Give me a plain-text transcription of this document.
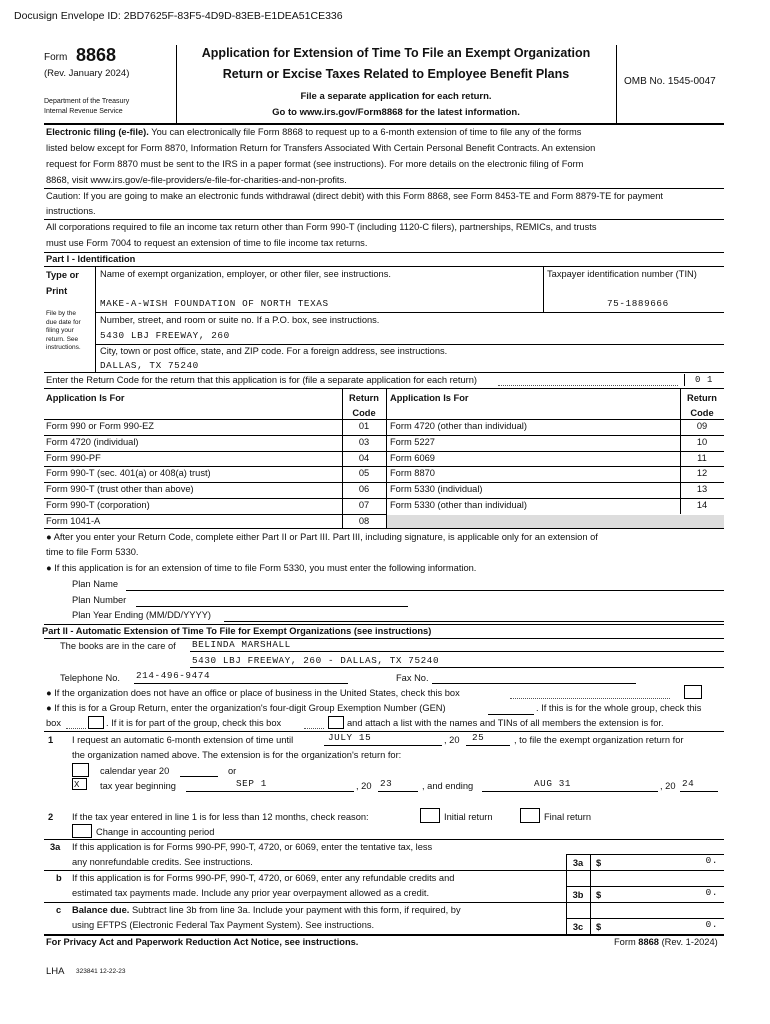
Docusign Envelope ID: 2BD7625F-83F5-4D9D-83EB-E1DEA51CE336
Form 8868
(Rev. January 2024)
Department of the Treasury
Internal Revenue Service
Application for Extension of Time To File an Exempt Organization
Return or Excise Taxes Related to Employee Benefit Plans
File a separate application for each return.
Go to www.irs.gov/Form8868 for the latest information.
OMB No. 1545-0047
Electronic filing (e-file). You can electronically file Form 8868 to request up to a 6-month extension of time to file any of the forms
listed below except for Form 8870, Information Return for Transfers Associated With Certain Personal Benefit Contracts. An extension
request for Form 8870 must be sent to the IRS in a paper format (see instructions). For more details on the electronic filing of Form
8868, visit www.irs.gov/e-file-providers/e-file-for-charities-and-non-profits.
Caution: If you are going to make an electronic funds withdrawal (direct debit) with this Form 8868, see Form 8453-TE and Form 8879-TE for payment
instructions.
All corporations required to file an income tax return other than Form 990-T (including 1120-C filers), partnerships, REMICs, and trusts
must use Form 7004 to request an extension of time to file income tax returns.
Part I - Identification
Type or
Print
File by the
due date for
filing your
return. See
instructions.
Name of exempt organization, employer, or other filer, see instructions.
MAKE-A-WISH FOUNDATION OF NORTH TEXAS
Taxpayer identification number (TIN)
75-1889666
Number, street, and room or suite no. If a P.O. box, see instructions.
5430 LBJ FREEWAY, 260
City, town or post office, state, and ZIP code. For a foreign address, see instructions.
DALLAS, TX 75240
Enter the Return Code for the return that this application is for (file a separate application for each return)	0 1
Application Is For	Return
Code
Application Is For	Return
Code
Form 990 or Form 990-EZ	01
Form 4720 (individual)	03
Form 990-PF	04
Form 990-T (sec. 401(a) or 408(a) trust)	05
Form 990-T (trust other than above)	06
Form 990-T (corporation)	07
Form 1041-A	08
Form 4720 (other than individual)	09
Form 5227	10
Form 6069	11
Form 8870	12
Form 5330 (individual)	13
Form 5330 (other than individual)	14
● After you enter your Return Code, complete either Part II or Part III. Part III, including signature, is applicable only for an extension of
time to file Form 5330.
● If this application is for an extension of time to file Form 5330, you must enter the following information.
Plan Name
Plan Number
Plan Year Ending (MM/DD/YYYY)
Part II - Automatic Extension of Time To File for Exempt Organizations (see instructions)
The books are in the care of BELINDA MARSHALL
5430 LBJ FREEWAY, 260 - DALLAS, TX 75240
Telephone No. 214-496-9474	Fax No.
● If the organization does not have an office or place of business in the United States, check this box
● If this is for a Group Return, enter the organization's four-digit Group Exemption Number (GEN)	. If this is for the whole group, check this
box	. If it is for part of the group, check this box	and attach a list with the names and TINs of all members the extension is for.
1 I request an automatic 6-month extension of time until	JULY 15	, 20 25	, to file the exempt organization return for
the organization named above. The extension is for the organization's return for:
calendar year 20	or
X	tax year beginning	SEP 1	, 20 23	, and ending	AUG 31	, 20 24
2 If the tax year entered in line 1 is for less than 12 months, check reason:	Initial return	Final return
Change in accounting period
3a If this application is for Forms 990-PF, 990-T, 4720, or 6069, enter the tentative tax, less
any nonrefundable credits. See instructions.	3a	$	0.
b If this application is for Forms 990-PF, 990-T, 4720, or 6069, enter any refundable credits and
estimated tax payments made. Include any prior year overpayment allowed as a credit.	3b	$	0.
c Balance due. Subtract line 3b from line 3a. Include your payment with this form, if required, by
using EFTPS (Electronic Federal Tax Payment System). See instructions.	3c	$	0.
For Privacy Act and Paperwork Reduction Act Notice, see instructions.	Form 8868 (Rev. 1-2024)
LHA 323841 12-22-23
